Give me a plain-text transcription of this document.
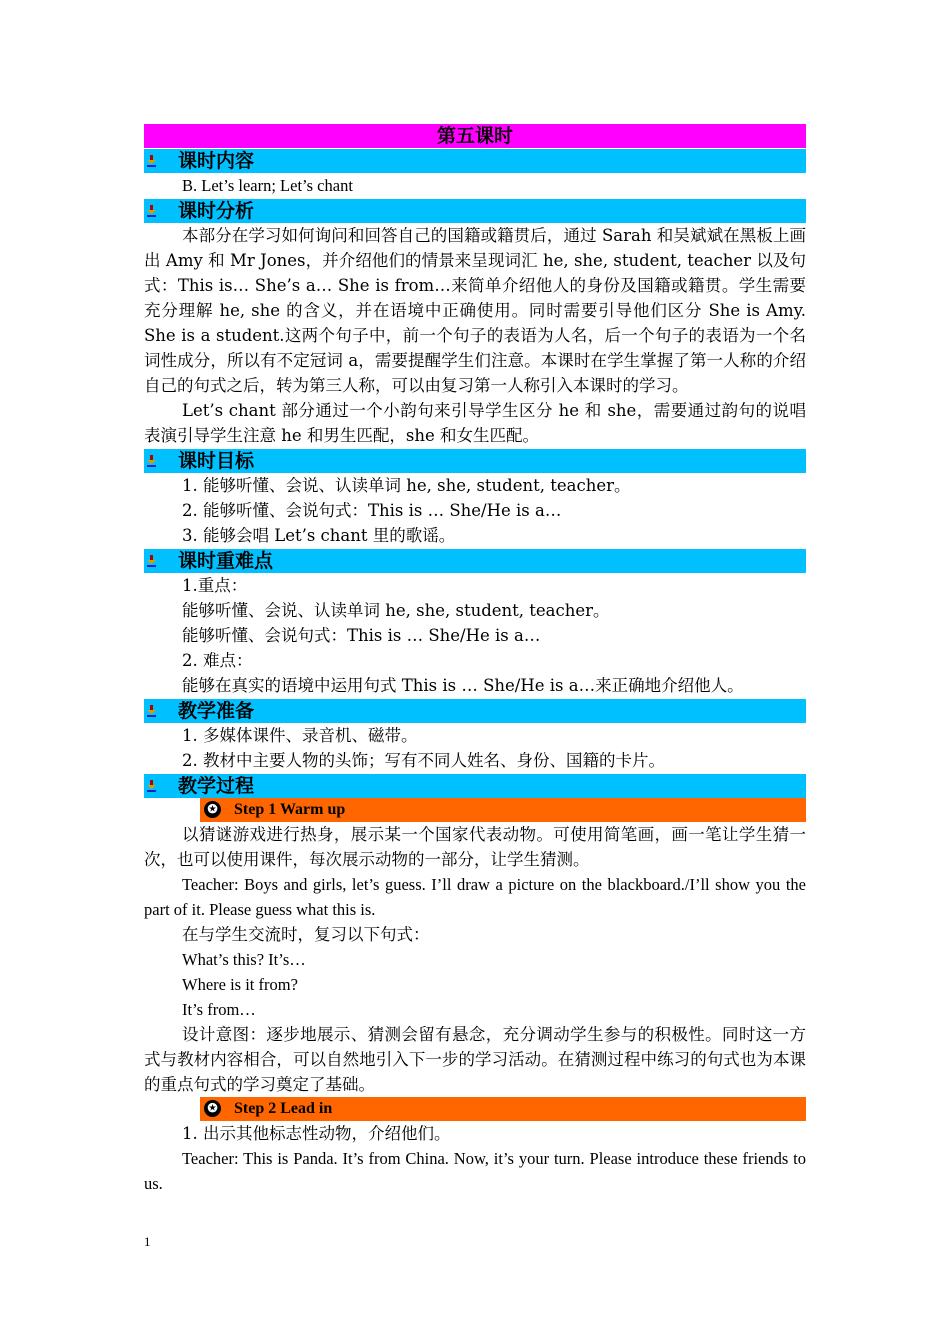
第五课时
课时内容
B. Let’s learn; Let’s chant
课时分析
本部分在学习如何询问和回答自己的国籍或籍贯后，通过 Sarah 和吴斌斌在黑板上画出 Amy 和 Mr Jones，并介绍他们的情景来呈现词汇 he, she, student, teacher 以及句式：This is… She’s a… She is from…来简单介绍他人的身份及国籍或籍贯。学生需要充分理解 he, she 的含义，并在语境中正确使用。同时需要引导他们区分 She is Amy. She is a student.这两个句子中，前一个句子的表语为人名，后一个句子的表语为一个名词性成分，所以有不定冠词 a，需要提醒学生们注意。本课时在学生掌握了第一人称的介绍自己的句式之后，转为第三人称，可以由复习第一人称引入本课时的学习。
Let’s chant 部分通过一个小韵句来引导学生区分 he 和 she，需要通过韵句的说唱表演引导学生注意 he 和男生匹配，she 和女生匹配。
课时目标
1. 能够听懂、会说、认读单词 he, she, student, teacher。
2. 能够听懂、会说句式：This is … She/He is a…
3. 能够会唱 Let’s chant 里的歌谣。
课时重难点
1.重点：
能够听懂、会说、认读单词 he, she, student, teacher。
能够听懂、会说句式：This is … She/He is a…
2. 难点：
能够在真实的语境中运用句式 This is … She/He is a…来正确地介绍他人。
教学准备
1. 多媒体课件、录音机、磁带。
2. 教材中主要人物的头饰；写有不同人姓名、身份、国籍的卡片。
教学过程
✪ Step 1 Warm up
以猜谜游戏进行热身，展示某一个国家代表动物。可使用简笔画，画一笔让学生猜一次，也可以使用课件，每次展示动物的一部分，让学生猜测。
Teacher: Boys and girls, let’s guess. I’ll draw a picture on the blackboard./I’ll show you the part of it. Please guess what this is.
在与学生交流时，复习以下句式：
What’s this? It’s…
Where is it from?
It’s from…
设计意图：逐步地展示、猜测会留有悬念，充分调动学生参与的积极性。同时这一方式与教材内容相合，可以自然地引入下一步的学习活动。在猜测过程中练习的句式也为本课的重点句式的学习奠定了基础。
✪ Step 2 Lead in
1. 出示其他标志性动物，介绍他们。
Teacher: This is Panda. It’s from China. Now, it’s your turn. Please introduce these friends to us.
1
